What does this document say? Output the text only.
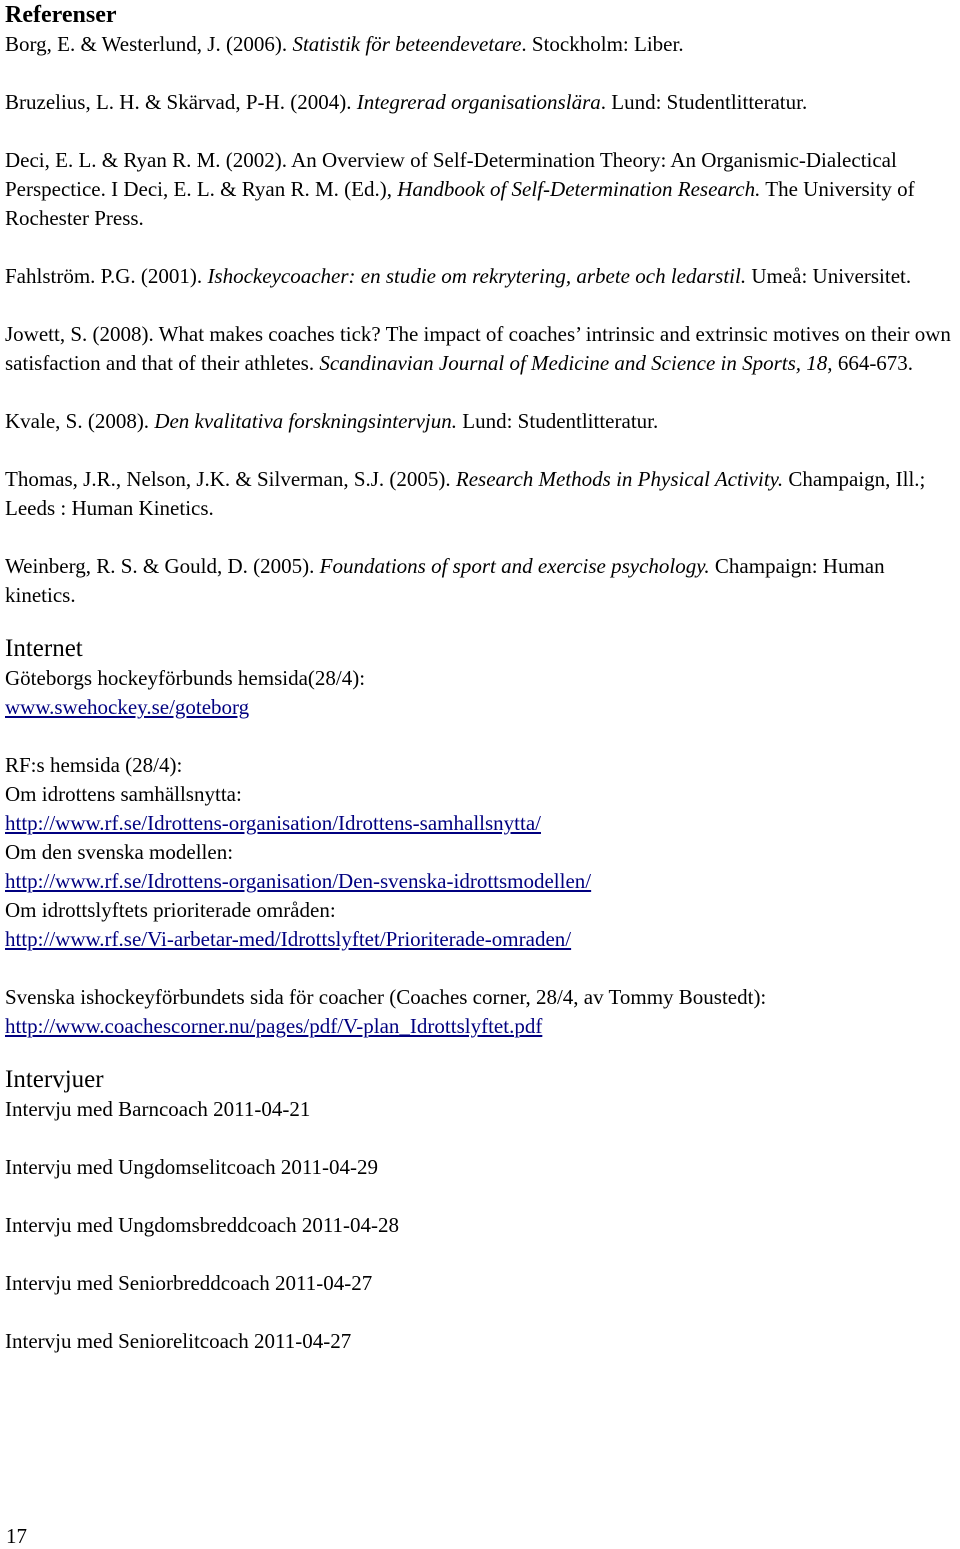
Referenser

Borg, E. & Westerlund, J. (2006). Statistik för beteendevetare. Stockholm: Liber.

Bruzelius, L. H. & Skärvad, P-H. (2004). Integrerad organisationslära. Lund: Studentlitteratur.

Deci, E. L. & Ryan R. M. (2002). An Overview of Self-Determination Theory: An Organismic-Dialectical Perspectice. I Deci, E. L. & Ryan R. M. (Ed.), Handbook of Self-Determination Research. The University of Rochester Press.

Fahlström. P.G. (2001). Ishockeycoacher: en studie om rekrytering, arbete och ledarstil. Umeå: Universitet.

Jowett, S. (2008). What makes coaches tick? The impact of coaches’ intrinsic and extrinsic motives on their own satisfaction and that of their athletes. Scandinavian Journal of Medicine and Science in Sports, 18, 664-673.

Kvale, S. (2008). Den kvalitativa forskningsintervjun. Lund: Studentlitteratur.

Thomas, J.R., Nelson, J.K. & Silverman, S.J. (2005). Research Methods in Physical Activity. Champaign, Ill.; Leeds : Human Kinetics.

Weinberg, R. S. & Gould, D. (2005). Foundations of sport and exercise psychology. Champaign: Human kinetics.

Internet

Göteborgs hockeyförbunds hemsida(28/4):

www.swehockey.se/goteborg

RF:s hemsida (28/4):

Om idrottens samhällsnytta:

http://www.rf.se/Idrottens-organisation/Idrottens-samhallsnytta/

Om den svenska modellen:

http://www.rf.se/Idrottens-organisation/Den-svenska-idrottsmodellen/

Om idrottslyftets prioriterade områden:

http://www.rf.se/Vi-arbetar-med/Idrottslyftet/Prioriterade-omraden/

Svenska ishockeyförbundets sida för coacher (Coaches corner, 28/4, av Tommy Boustedt):

http://www.coachescorner.nu/pages/pdf/V-plan_Idrottslyftet.pdf

Intervjuer

Intervju med Barncoach 2011-04-21

Intervju med Ungdomselitcoach 2011-04-29

Intervju med Ungdomsbreddcoach 2011-04-28

Intervju med Seniorbreddcoach 2011-04-27

Intervju med Seniorelitcoach 2011-04-27

17
